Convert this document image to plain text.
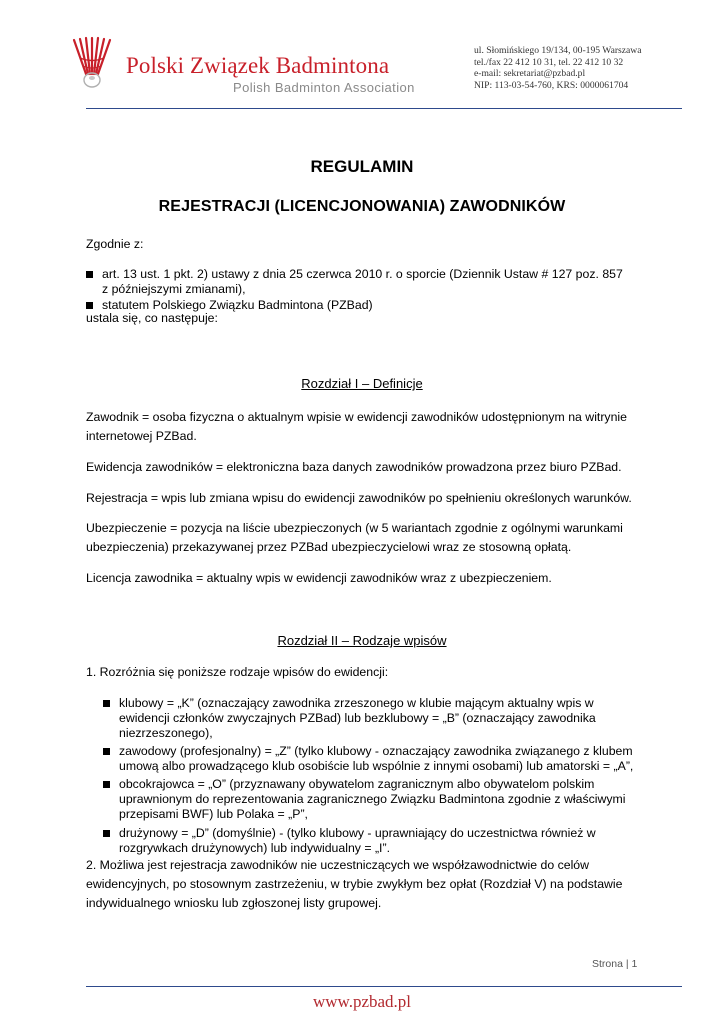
Polski Związek Badmintona
Polish Badminton Association
ul. Słomińskiego 19/134, 00-195 Warszawa
tel./fax 22 412 10 31, tel. 22 412 10 32
e-mail: sekretariat@pzbad.pl
NIP: 113-03-54-760, KRS: 0000061704
REGULAMIN
REJESTRACJI (LICENCJONOWANIA) ZAWODNIKÓW
Zgodnie z:
art. 13 ust. 1 pkt. 2) ustawy z dnia 25 czerwca 2010 r. o sporcie (Dziennik Ustaw # 127 poz. 857 z późniejszymi zmianami),
statutem Polskiego Związku Badmintona (PZBad)
ustala się, co następuje:
Rozdział I – Definicje
Zawodnik = osoba fizyczna o aktualnym wpisie w ewidencji zawodników udostępnionym na witrynie internetowej PZBad.
Ewidencja zawodników = elektroniczna baza danych zawodników prowadzona przez biuro PZBad.
Rejestracja = wpis lub zmiana wpisu do ewidencji zawodników po spełnieniu określonych warunków.
Ubezpieczenie = pozycja na liście ubezpieczonych (w 5 wariantach zgodnie z ogólnymi warunkami ubezpieczenia) przekazywanej przez PZBad ubezpieczycielowi wraz ze stosowną opłatą.
Licencja zawodnika = aktualny wpis w ewidencji zawodników wraz z ubezpieczeniem.
Rozdział II – Rodzaje wpisów
1. Rozróżnia się poniższe rodzaje wpisów do ewidencji:
klubowy = „K” (oznaczający zawodnika zrzeszonego w klubie mającym aktualny wpis w ewidencji członków zwyczajnych PZBad) lub bezklubowy = „B” (oznaczający zawodnika niezrzeszonego),
zawodowy (profesjonalny) = „Z” (tylko klubowy - oznaczający zawodnika związanego z klubem umową albo prowadzącego klub osobiście lub wspólnie z innymi osobami) lub amatorski = „A”,
obcokrajowca = „O” (przyznawany obywatelom zagranicznym albo obywatelom polskim uprawnionym do reprezentowania zagranicznego Związku Badmintona zgodnie z właściwymi przepisami BWF) lub Polaka = „P”,
drużynowy = „D” (domyślnie) - (tylko klubowy - uprawniający do uczestnictwa również w rozgrywkach drużynowych) lub indywidualny = „I”.
2. Możliwa jest rejestracja zawodników nie uczestniczących we współzawodnictwie do celów ewidencyjnych, po stosownym zastrzeżeniu, w trybie zwykłym bez opłat (Rozdział V) na podstawie indywidualnego wniosku lub zgłoszonej listy grupowej.
Strona | 1
www.pzbad.pl
